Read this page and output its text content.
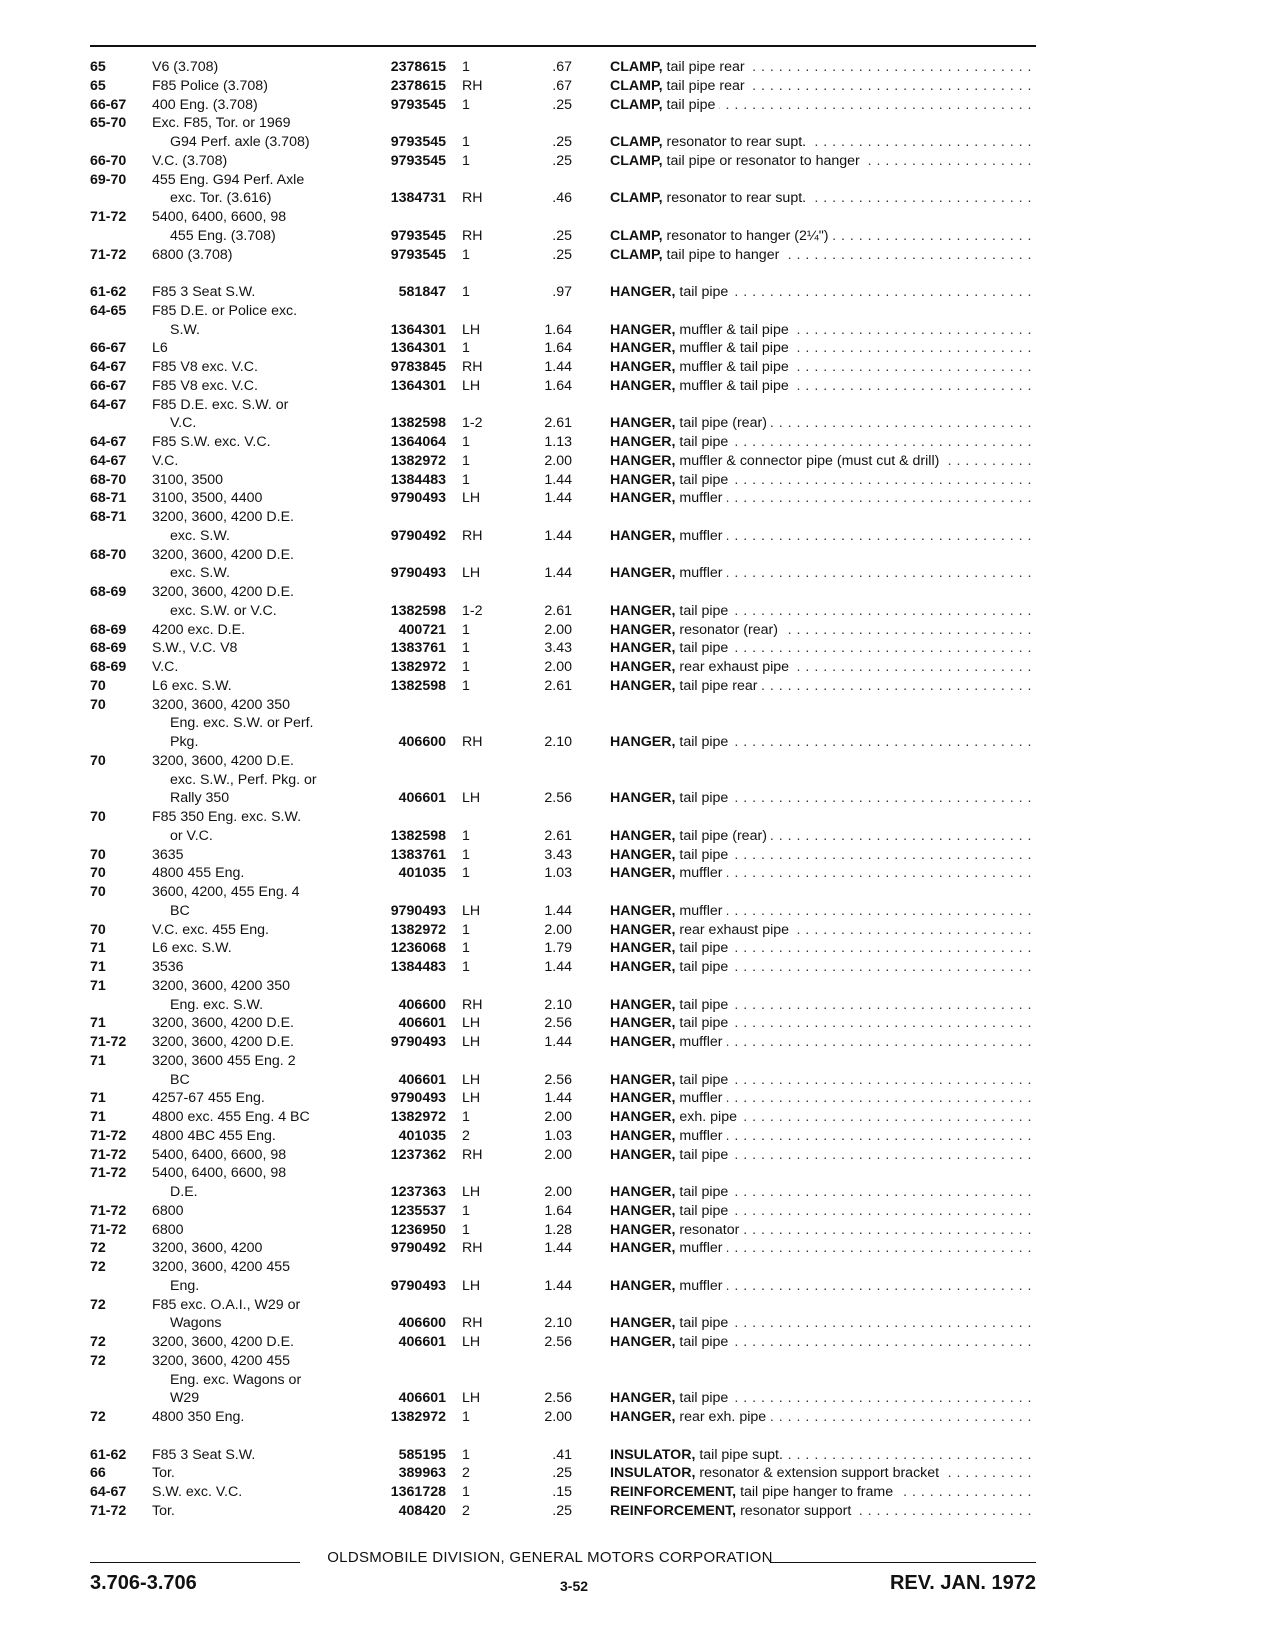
65	V6 (3.708) . . .	2378615 1	.67	CLAMP, tail pipe rear . . .
65	F85 Police (3.708) . . .	2378615 RH	.67	CLAMP, tail pipe rear . . .
66-67	400 Eng. (3.708) . . .	9793545 1	.25	CLAMP, tail pipe . . .
65-70	Exc. F85, Tor. or 1969
G94 Perf. axle (3.708) . . .	9793545 1	.25	CLAMP, resonator to rear supt. . . .
66-70	V.C. (3.708) . . .	9793545 1	.25	CLAMP, tail pipe or resonator to hanger . . .
69-70	455 Eng. G94 Perf. Axle
exc. Tor. (3.616) . . .	1384731 RH	.46	CLAMP, resonator to rear supt. . . .
71-72	5400, 6400, 6600, 98
455 Eng. (3.708) . . .	9793545 RH	.25	CLAMP, resonator to hanger (2¼") . . .
71-72	6800 (3.708) . . .	9793545 1	.25	CLAMP, tail pipe to hanger . . .
61-62	F85 3 Seat S.W. . . .	581847 1	.97	HANGER, tail pipe . . .
64-65	F85 D.E. or Police exc.
S.W. . . .	1364301 LH	1.64	HANGER, muffler & tail pipe . . .
66-67	L6 . . .	1364301 1	1.64	HANGER, muffler & tail pipe . . .
64-67	F85 V8 exc. V.C. . . .	9783845 RH	1.44	HANGER, muffler & tail pipe . . .
66-67	F85 V8 exc. V.C. . . .	1364301 LH	1.64	HANGER, muffler & tail pipe . . .
64-67	F85 D.E. exc. S.W. or
V.C. . . .	1382598 1-2	2.61	HANGER, tail pipe (rear) . . .
64-67	F85 S.W. exc. V.C. . . .	1364064 1	1.13	HANGER, tail pipe . . .
64-67	V.C. . . .	1382972 1	2.00	HANGER, muffler & connector pipe (must cut & drill) . . .
68-70	3100, 3500 . . .	1384483 1	1.44	HANGER, tail pipe . . .
68-71	3100, 3500, 4400 . . .	9790493 LH	1.44	HANGER, muffler . . .
68-71	3200, 3600, 4200 D.E.
exc. S.W. . . .	9790492 RH	1.44	HANGER, muffler . . .
68-70	3200, 3600, 4200 D.E.
exc. S.W. . . .	9790493 LH	1.44	HANGER, muffler . . .
68-69	3200, 3600, 4200 D.E.
exc. S.W. or V.C. . . .	1382598 1-2	2.61	HANGER, tail pipe . . .
68-69	4200 exc. D.E. . . .	400721 1	2.00	HANGER, resonator (rear) . . .
68-69	S.W., V.C. V8 . . .	1383761 1	3.43	HANGER, tail pipe . . .
68-69	V.C. . . .	1382972 1	2.00	HANGER, rear exhaust pipe . . .
70	L6 exc. S.W. . . .	1382598 1	2.61	HANGER, tail pipe rear . . .
70	3200, 3600, 4200 350
Eng. exc. S.W. or Perf.
Pkg. . . .	406600 RH	2.10	HANGER, tail pipe . . .
70	3200, 3600, 4200 D.E.
exc. S.W., Perf. Pkg. or
Rally 350 . . .	406601 LH	2.56	HANGER, tail pipe . . .
70	F85 350 Eng. exc. S.W.
or V.C. . . .	1382598 1	2.61	HANGER, tail pipe (rear) . . .
70	3635 . . .	1383761 1	3.43	HANGER, tail pipe . . .
70	4800 455 Eng. . . .	401035 1	1.03	HANGER, muffler . . .
70	3600, 4200, 455 Eng. 4
BC . . .	9790493 LH	1.44	HANGER, muffler . . .
70	V.C. exc. 455 Eng. . . .	1382972 1	2.00	HANGER, rear exhaust pipe . . .
71	L6 exc. S.W. . . .	1236068 1	1.79	HANGER, tail pipe . . .
71	3536 . . .	1384483 1	1.44	HANGER, tail pipe . . .
71	3200, 3600, 4200 350
Eng. exc. S.W. . . .	406600 RH	2.10	HANGER, tail pipe . . .
71	3200, 3600, 4200 D.E. . . .	406601 LH	2.56	HANGER, tail pipe . . .
71-72	3200, 3600, 4200 D.E. . . .	9790493 LH	1.44	HANGER, muffler . . .
71	3200, 3600 455 Eng. 2
BC . . .	406601 LH	2.56	HANGER, tail pipe . . .
71	4257-67 455 Eng. . . .	9790493 LH	1.44	HANGER, muffler . . .
71	4800 exc. 455 Eng. 4 BC . . .	1382972 1	2.00	HANGER, exh. pipe . . .
71-72	4800 4BC 455 Eng. . . .	401035 2	1.03	HANGER, muffler . . .
71-72	5400, 6400, 6600, 98 . . .	1237362 RH	2.00	HANGER, tail pipe . . .
71-72	5400, 6400, 6600, 98
D.E. . . .	1237363 LH	2.00	HANGER, tail pipe . . .
71-72	6800 . . .	1235537 1	1.64	HANGER, tail pipe . . .
71-72	6800 . . .	1236950 1	1.28	HANGER, resonator . . .
72	3200, 3600, 4200 . . .	9790492 RH	1.44	HANGER, muffler . . .
72	3200, 3600, 4200 455
Eng. . . .	9790493 LH	1.44	HANGER, muffler . . .
72	F85 exc. O.A.I., W29 or
Wagons . . .	406600 RH	2.10	HANGER, tail pipe . . .
72	3200, 3600, 4200 D.E. . . .	406601 LH	2.56	HANGER, tail pipe . . .
72	3200, 3600, 4200 455
Eng. exc. Wagons or
W29 . . .	406601 LH	2.56	HANGER, tail pipe . . .
72	4800 350 Eng. . . .	1382972 1	2.00	HANGER, rear exh. pipe . . .
61-62	F85 3 Seat S.W. . . .	585195 1	.41	INSULATOR, tail pipe supt. . . .
66	Tor. . . .	389963 2	.25	INSULATOR, resonator & extension support bracket . . .
64-67	S.W. exc. V.C. . . .	1361728 1	.15	REINFORCEMENT, tail pipe hanger to frame . . .
71-72	Tor. . . .	408420 2	.25	REINFORCEMENT, resonator support . . .
OLDSMOBILE DIVISION, GENERAL MOTORS CORPORATION
3.706-3.706	3-52	REV. JAN. 1972
